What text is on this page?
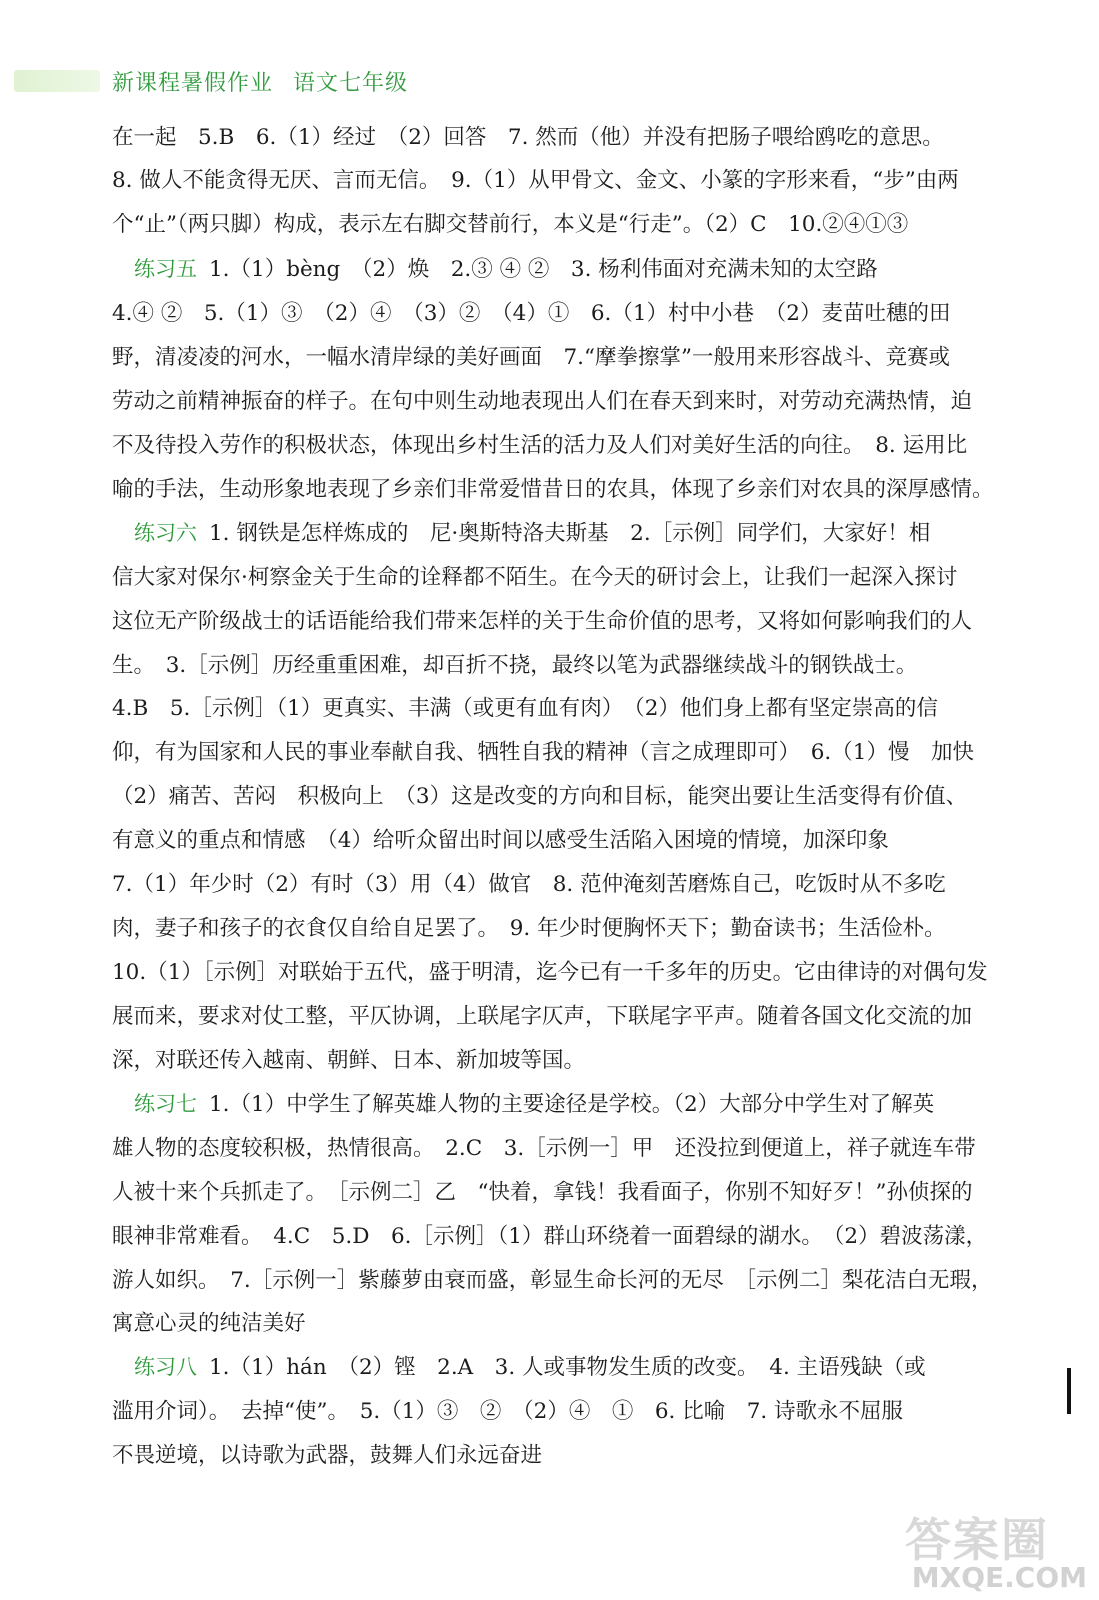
新课程暑假作业 语文七年级
在一起　5.B　6.（1）经过　（2）回答　7. 然而（他）并没有把肠子喂给鸥吃的意思。
8. 做人不能贪得无厌、言而无信。　9.（1）从甲骨文、金文、小篆的字形来看，“步”由两
个“止”（两只脚）构成，表示左右脚交替前行，本义是“行走”。（2）C　10.②④①③
练习五 1.（1）bèng　（2）焕　2.③ ④ ②　3. 杨利伟面对充满未知的太空路
4.④ ②　5.（1）③　（2）④　（3）②　（4）①　6.（1）村中小巷　（2）麦苗吐穗的田
野，清凌凌的河水，一幅水清岸绿的美好画面　7.“摩拳擦掌”一般用来形容战斗、竞赛或
劳动之前精神振奋的样子。在句中则生动地表现出人们在春天到来时，对劳动充满热情，迫
不及待投入劳作的积极状态，体现出乡村生活的活力及人们对美好生活的向往。　8. 运用比
喻的手法，生动形象地表现了乡亲们非常爱惜昔日的农具，体现了乡亲们对农具的深厚感情。
练习六 1. 钢铁是怎样炼成的　尼·奥斯特洛夫斯基　2.［示例］同学们，大家好！相
信大家对保尔·柯察金关于生命的诠释都不陌生。在今天的研讨会上，让我们一起深入探讨
这位无产阶级战士的话语能给我们带来怎样的关于生命价值的思考，又将如何影响我们的人
生。　3.［示例］历经重重困难，却百折不挠，最终以笔为武器继续战斗的钢铁战士。
4.B　5.［示例］（1）更真实、丰满（或更有血有肉）　（2）他们身上都有坚定崇高的信
仰，有为国家和人民的事业奉献自我、牺牲自我的精神（言之成理即可）　6.（1）慢　加快
（2）痛苦、苦闷　积极向上　（3）这是改变的方向和目标，能突出要让生活变得有价值、
有意义的重点和情感　（4）给听众留出时间以感受生活陷入困境的情境，加深印象
7.（1）年少时（2）有时（3）用（4）做官　8. 范仲淹刻苦磨炼自己，吃饭时从不多吃
肉，妻子和孩子的衣食仅自给自足罢了。　9. 年少时便胸怀天下；勤奋读书；生活俭朴。
10.（1）［示例］对联始于五代，盛于明清，迄今已有一千多年的历史。它由律诗的对偶句发
展而来，要求对仗工整，平仄协调，上联尾字仄声，下联尾字平声。随着各国文化交流的加
深，对联还传入越南、朝鲜、日本、新加坡等国。
练习七 1.（1）中学生了解英雄人物的主要途径是学校。（2）大部分中学生对了解英
雄人物的态度较积极，热情很高。　2.C　3.［示例一］甲　还没拉到便道上，祥子就连车带
人被十来个兵抓走了。　［示例二］乙　“快着，拿钱！我看面子，你别不知好歹！”孙侦探的
眼神非常难看。　4.C　5.D　6.［示例］（1）群山环绕着一面碧绿的湖水。　（2）碧波荡漾，
游人如织。　7.［示例一］紫藤萝由衰而盛，彰显生命长河的无尽　［示例二］梨花洁白无瑕，
寓意心灵的纯洁美好
练习八 1.（1）hán　（2）铿　2.A　3. 人或事物发生质的改变。　4. 主语残缺（或
滥用介词）。　去掉“使”。　5.（1）③　②　（2）④　①　6. 比喻　7. 诗歌永不屈服
不畏逆境，以诗歌为武器，鼓舞人们永远奋进
答案圈
MXQE.COM
